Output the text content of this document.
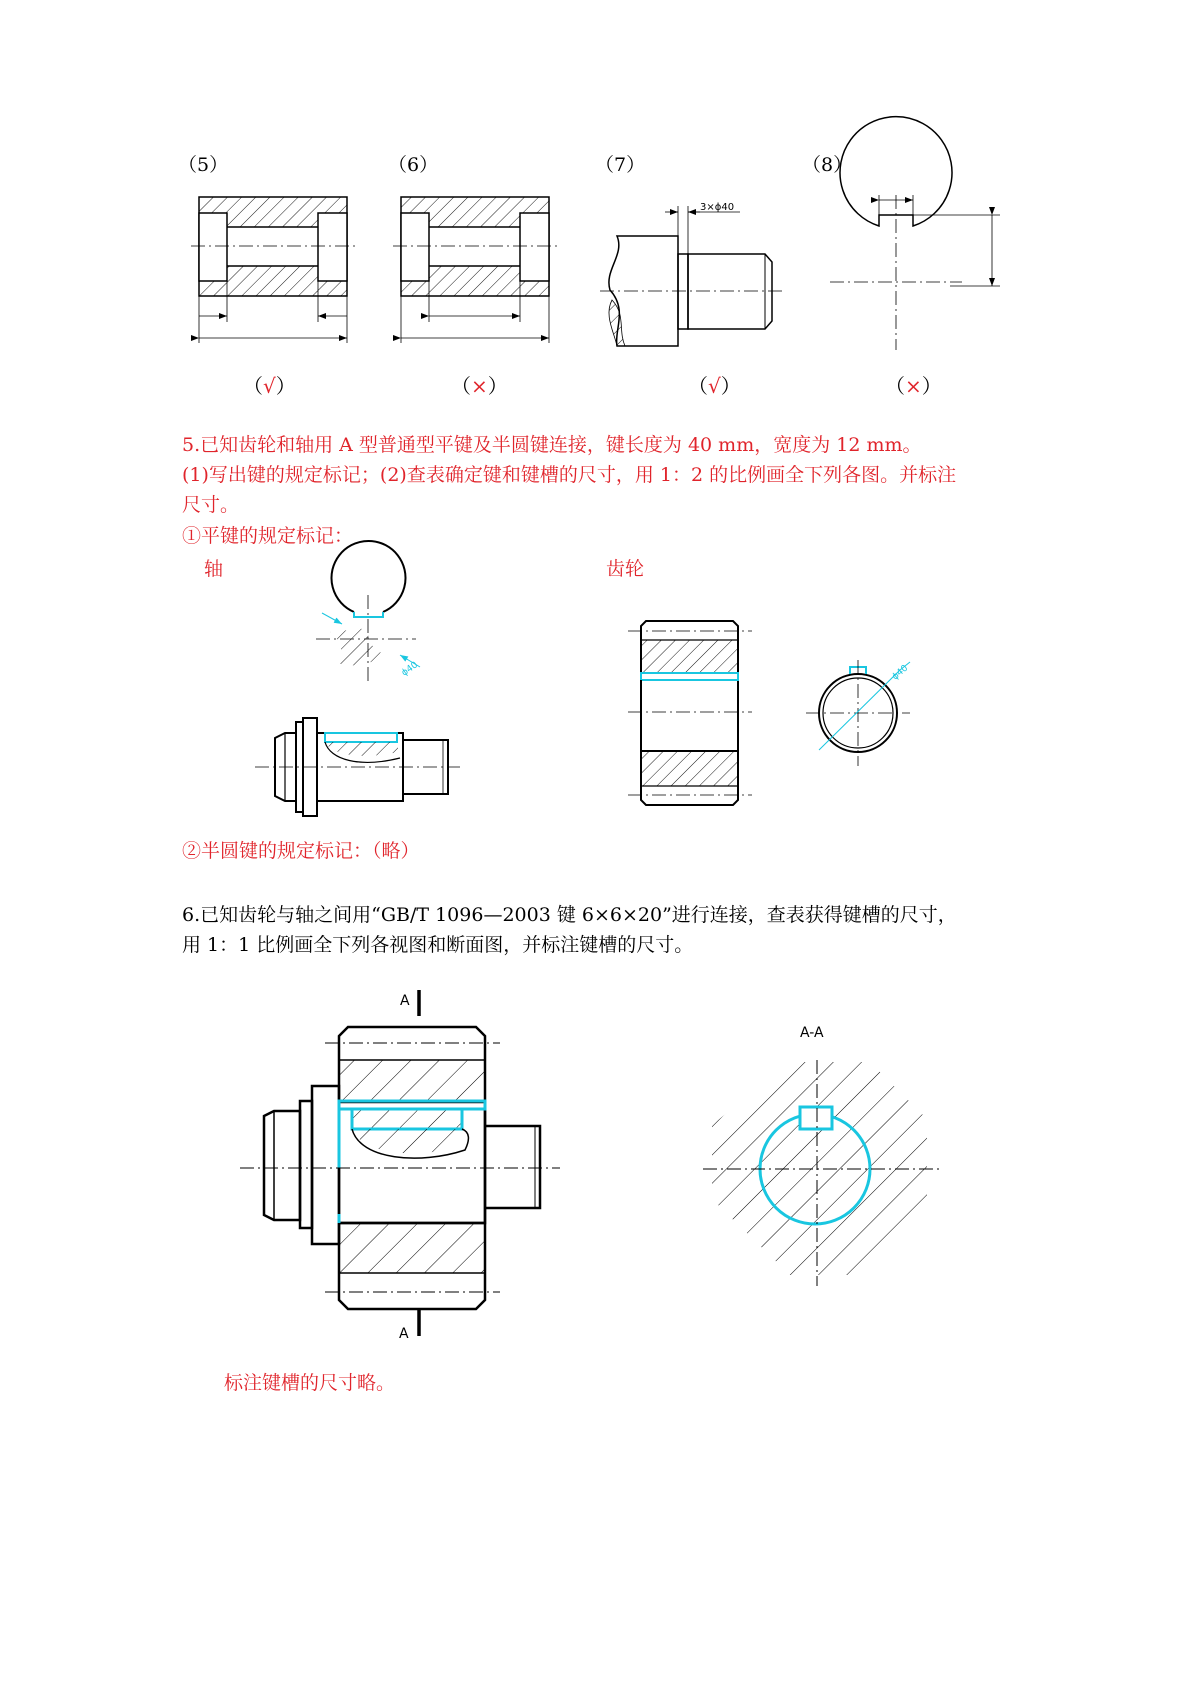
（5）	（6）	（7）	（8）
3×ϕ40
ϕ40	ϕ40
A
A
A-A
（√）	（×）	（√）	（×）
5.已知齿轮和轴用 A 型普通型平键及半圆键连接，键长度为 40 mm，宽度为 12 mm。
(1)写出键的规定标记；(2)查表确定键和键槽的尺寸，用 1：2 的比例画全下列各图。并标注
尺寸。
①平键的规定标记：
轴	齿轮
②半圆键的规定标记：（略）
6.已知齿轮与轴之间用“GB/T 1096—2003 键 6×6×20”进行连接，查表获得键槽的尺寸，
用 1：1 比例画全下列各视图和断面图，并标注键槽的尺寸。
标注键槽的尺寸略。
